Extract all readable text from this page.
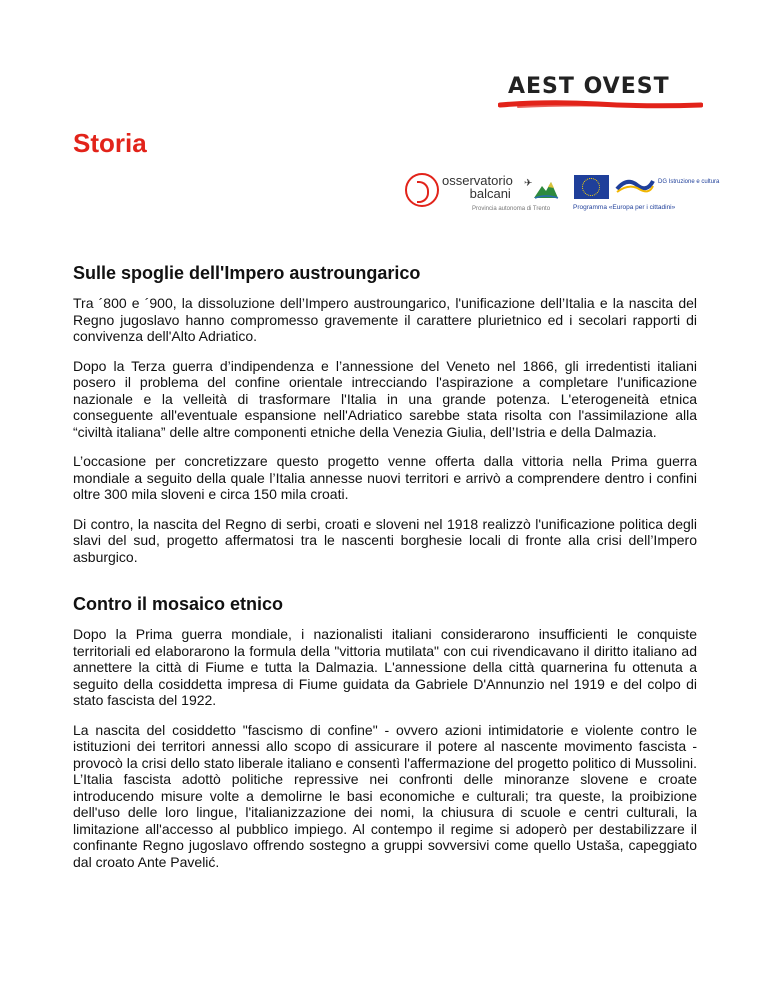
AEST OVEST
Storia
osservatorio
balcani
Provincia autonoma di Trento
✈	DG Istruzione e cultura
Programma «Europa per i cittadini»
Sulle spoglie dell'Impero austroungarico

Tra ´800 e ´900, la dissoluzione dell’Impero austroungarico, l'unificazione dell’Italia e la nascita del Regno jugoslavo hanno compromesso gravemente il carattere plurietnico ed i secolari rapporti di convivenza dell'Alto Adriatico.

Dopo la Terza guerra d’indipendenza e l’annessione del Veneto nel 1866, gli irredentisti italiani posero il problema del confine orientale intrecciando l'aspirazione a completare l'unificazione nazionale e la velleità di trasformare l'Italia in una grande potenza. L'eterogeneità etnica conseguente all'eventuale espansione nell'Adriatico sarebbe stata risolta con l'assimilazione alla “civiltà italiana” delle altre componenti etniche della Venezia Giulia, dell’Istria e della Dalmazia.

L’occasione per concretizzare questo progetto venne offerta dalla vittoria nella Prima guerra mondiale a seguito della quale l’Italia annesse nuovi territori e arrivò a comprendere dentro i confini oltre 300 mila sloveni e circa 150 mila croati.

Di contro, la nascita del Regno di serbi, croati e sloveni nel 1918 realizzò l'unificazione politica degli slavi del sud, progetto affermatosi tra le nascenti borghesie locali di fronte alla crisi dell’Impero asburgico.

Contro il mosaico etnico

Dopo la Prima guerra mondiale, i nazionalisti italiani considerarono insufficienti le conquiste territoriali ed elaborarono la formula della "vittoria mutilata" con cui rivendicavano il diritto italiano ad annettere la città di Fiume e tutta la Dalmazia. L'annessione della città quarnerina fu ottenuta a seguito della cosiddetta impresa di Fiume guidata da Gabriele D'Annunzio nel 1919 e del colpo di stato fascista del 1922.

La nascita del cosiddetto "fascismo di confine" - ovvero azioni intimidatorie e violente contro le istituzioni dei territori annessi allo scopo di assicurare il potere al nascente movimento fascista - provocò la crisi dello stato liberale italiano e consentì l'affermazione del progetto politico di Mussolini. L’Italia fascista adottò politiche repressive nei confronti delle minoranze slovene e croate introducendo misure volte a demolirne le basi economiche e culturali; tra queste, la proibizione dell'uso delle loro lingue, l'italianizzazione dei nomi, la chiusura di scuole e centri culturali, la limitazione all'accesso al pubblico impiego. Al contempo il regime si adoperò per destabilizzare il confinante Regno jugoslavo offrendo sostegno a gruppi sovversivi come quello Ustaša, capeggiato dal croato Ante Pavelić.
